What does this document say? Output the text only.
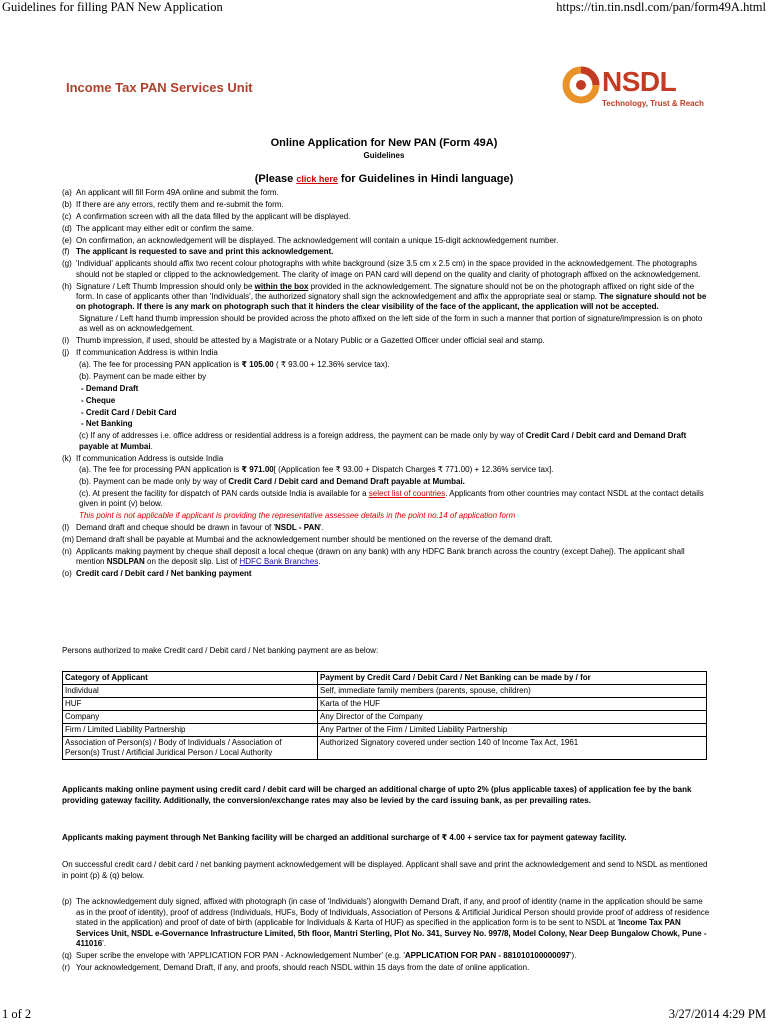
Guidelines for filling PAN New Application	https://tin.tin.nsdl.com/pan/form49A.html
Income Tax PAN Services Unit	NSDL
Technology, Trust & Reach
Online Application for New PAN (Form 49A)
Guidelines
(Please click here for Guidelines in Hindi language)
(a) An applicant will fill Form 49A online and submit the form.
(b) If there are any errors, rectify them and re-submit the form.
(c) A confirmation screen with all the data filled by the applicant will be displayed.
(d) The applicant may either edit or confirm the same.
(e) On confirmation, an acknowledgement will be displayed. The acknowledgement will contain a unique 15-digit acknowledgement number.
(f) The applicant is requested to save and print this acknowledgement.
(g) 'Individual' applicants should affix two recent colour photographs with white background (size 3.5 cm x 2.5 cm) in the space provided in the acknowledgement. The photographs should not be stapled or clipped to the acknowledgement. The clarity of image on PAN card will depend on the quality and clarity of photograph affixed on the acknowledgement.
(h) Signature / Left Thumb Impression should only be within the box provided in the acknowledgement. The signature should not be on the photograph affixed on right side of the form. In case of applicants other than 'Individuals', the authorized signatory shall sign the acknowledgement and affix the appropriate seal or stamp. The signature should not be on photograph. If there is any mark on photograph such that it hinders the clear visibility of the face of the applicant, the application will not be accepted.
Signature / Left hand thumb impression should be provided across the photo affixed on the left side of the form in such a manner that portion of signature/impression is on photo as well as on acknowledgement.
(i) Thumb impression, if used, should be attested by a Magistrate or a Notary Public or a Gazetted Officer under official seal and stamp.
(j) If communication Address is within India
(a). The fee for processing PAN application is ₹ 105.00 ( ₹ 93.00 + 12.36% service tax).
(b). Payment can be made either by
- Demand Draft
- Cheque
- Credit Card / Debit Card
- Net Banking
(c) If any of addresses i.e. office address or residential address is a foreign address, the payment can be made only by way of Credit Card / Debit card and Demand Draft payable at Mumbai.
(k) If communication Address is outside India
(a). The fee for processing PAN application is ₹ 971.00[ (Application fee ₹ 93.00 + Dispatch Charges ₹ 771.00) + 12.36% service tax].
(b). Payment can be made only by way of Credit Card / Debit card and Demand Draft payable at Mumbai.
(c). At present the facility for dispatch of PAN cards outside India is available for a select list of countries. Applicants from other countries may contact NSDL at the contact details given in point (v) below.
This point is not applicable if applicant is providing the representative assessee details in the point no.14 of application form
(l) Demand draft and cheque should be drawn in favour of 'NSDL - PAN'.
(m) Demand draft shall be payable at Mumbai and the acknowledgement number should be mentioned on the reverse of the demand draft.
(n) Applicants making payment by cheque shall deposit a local cheque (drawn on any bank) with any HDFC Bank branch across the country (except Dahej). The applicant shall mention NSDLPAN on the deposit slip. List of HDFC Bank Branches.
(o) Credit card / Debit card / Net banking payment
Persons authorized to make Credit card / Debit card / Net banking payment are as below:
Category of Applicant	Payment by Credit Card / Debit Card / Net Banking can be made by / for
Individual	Self, immediate family members (parents, spouse, children)
HUF	Karta of the HUF
Company	Any Director of the Company
Firm / Limited Liability Partnership	Any Partner of the Firm / Limited Liability Partnership
Association of Person(s) / Body of Individuals / Association of Person(s) Trust / Artificial Juridical Person / Local Authority	Authorized Signatory covered under section 140 of Income Tax Act, 1961
Applicants making online payment using credit card / debit card will be charged an additional charge of upto 2% (plus applicable taxes) of application fee by the bank providing gateway facility. Additionally, the conversion/exchange rates may also be levied by the card issuing bank, as per prevailing rates.
Applicants making payment through Net Banking facility will be charged an additional surcharge of ₹ 4.00 + service tax for payment gateway facility.
On successful credit card / debit card / net banking payment acknowledgement will be displayed. Applicant shall save and print the acknowledgement and send to NSDL as mentioned in point (p) & (q) below.
(p) The acknowledgement duly signed, affixed with photograph (in case of 'Individuals') alongwith Demand Draft, if any, and proof of identity (name in the application should be same as in the proof of identity), proof of address (Individuals, HUFs, Body of Individuals, Association of Persons & Artificial Juridical Person should provide proof of address of residence stated in the application) and proof of date of birth (applicable for Individuals & Karta of HUF) as specified in the application form is to be sent to NSDL at 'Income Tax PAN Services Unit, NSDL e-Governance Infrastructure Limited, 5th floor, Mantri Sterling, Plot No. 341, Survey No. 997/8, Model Colony, Near Deep Bungalow Chowk, Pune - 411016'.
(q) Super scribe the envelope with 'APPLICATION FOR PAN - Acknowledgement Number' (e.g. 'APPLICATION FOR PAN - 881010100000097').
(r) Your acknowledgement, Demand Draft, if any, and proofs, should reach NSDL within 15 days from the date of online application.
1 of 2	3/27/2014 4:29 PM
